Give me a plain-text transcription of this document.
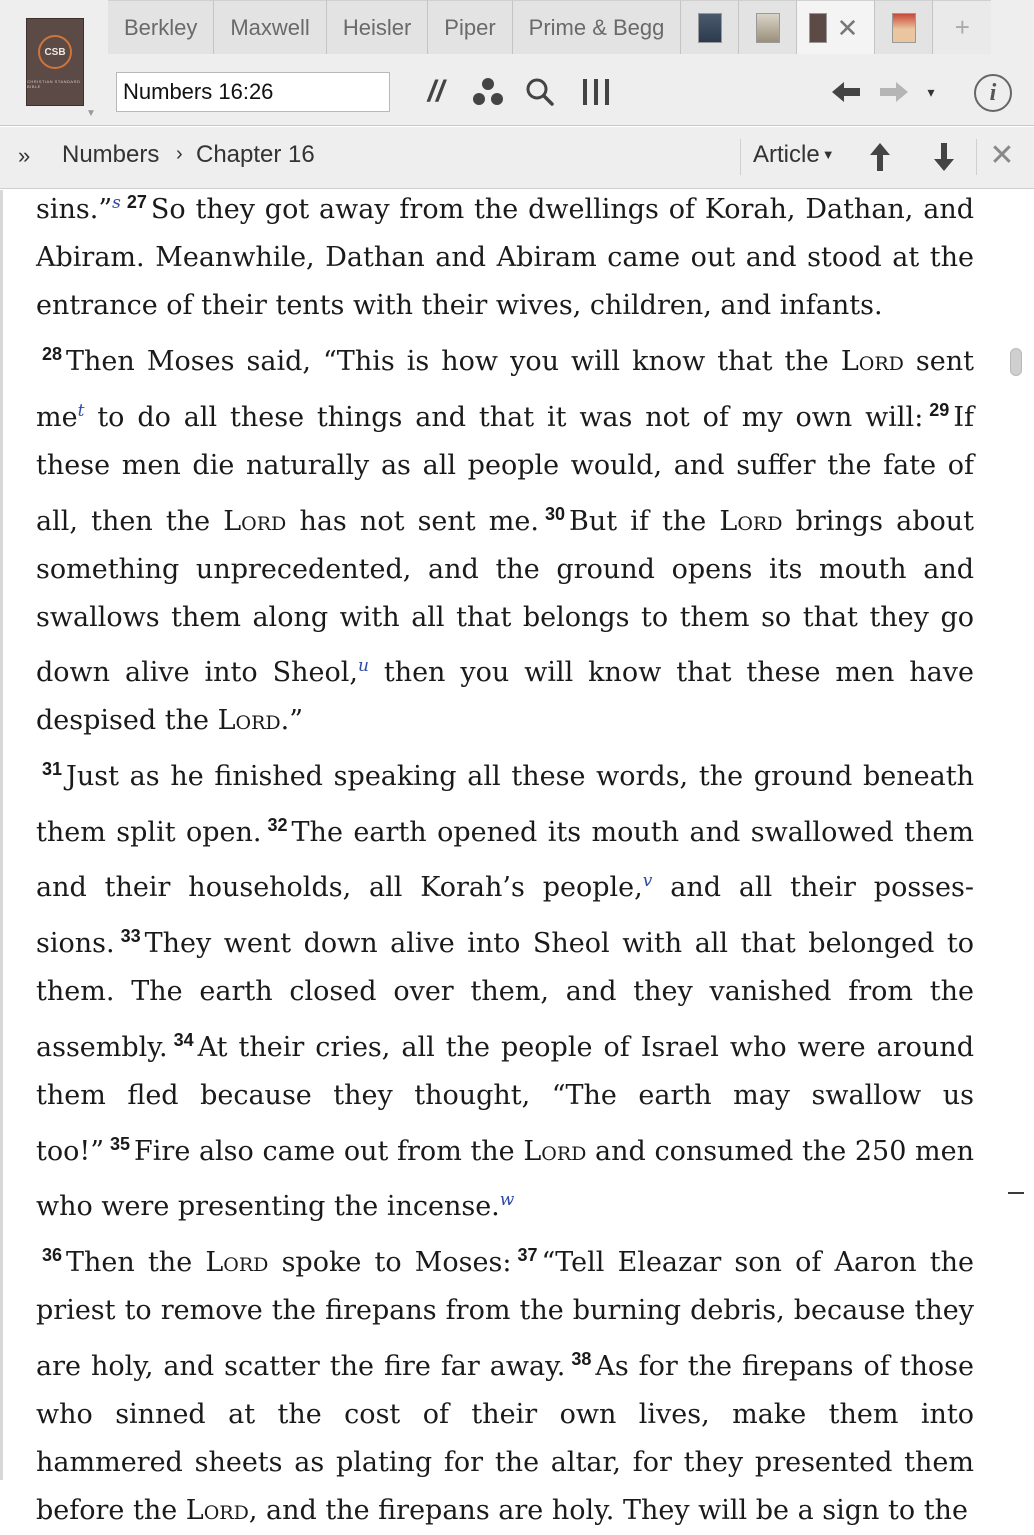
CSB
CHRISTIAN STANDARD BIBLE
▼
Berkley Maxwell Heisler Piper Prime & Begg	✕	+
Numbers 16:26
//	▾	i
» Numbers › Chapter 16	Article ▼	✕

sins.”$^s$ $^{27}$ So they got away from the dwellings of Korah, Dathan, and Abiram. Meanwhile, Dathan and Abiram came out and stood at the entrance of their tents with their wives, children, and infants.

$^{28}$ Then Moses said, “This is how you will know that the Lord sent me$^t$ to do all these things and that it was not of my own will: $^{29}$ If these men die naturally as all people would, and suffer the fate of all, then the Lord has not sent me. $^{30}$ But if the Lord brings about something unprecedented, and the ground opens its mouth and swallows them along with all that belongs to them so that they go down alive into Sheol,$^u$ then you will know that these men have despised the Lord.”

$^{31}$ Just as he finished speaking all these words, the ground beneath them split open. $^{32}$ The earth opened its mouth and swallowed them and their households, all Korah’s people,$^v$ and all their possessions. $^{33}$ They went down alive into Sheol with all that belonged to them. The earth closed over them, and they vanished from the assembly. $^{34}$ At their cries, all the people of Israel who were around them fled because they thought, “The earth may swallow us too!” $^{35}$ Fire also came out from the Lord and consumed the 250 men who were presenting the incense.$^w$

$^{36}$ Then the Lord spoke to Moses: $^{37}$ “Tell Eleazar son of Aaron the priest to remove the firepans from the burning debris, because they are holy, and scatter the fire far away. $^{38}$ As for the firepans of those who sinned at the cost of their own lives, make them into hammered sheets as plating for the altar, for they presented them before the Lord, and the firepans are holy. They will be a sign to the
